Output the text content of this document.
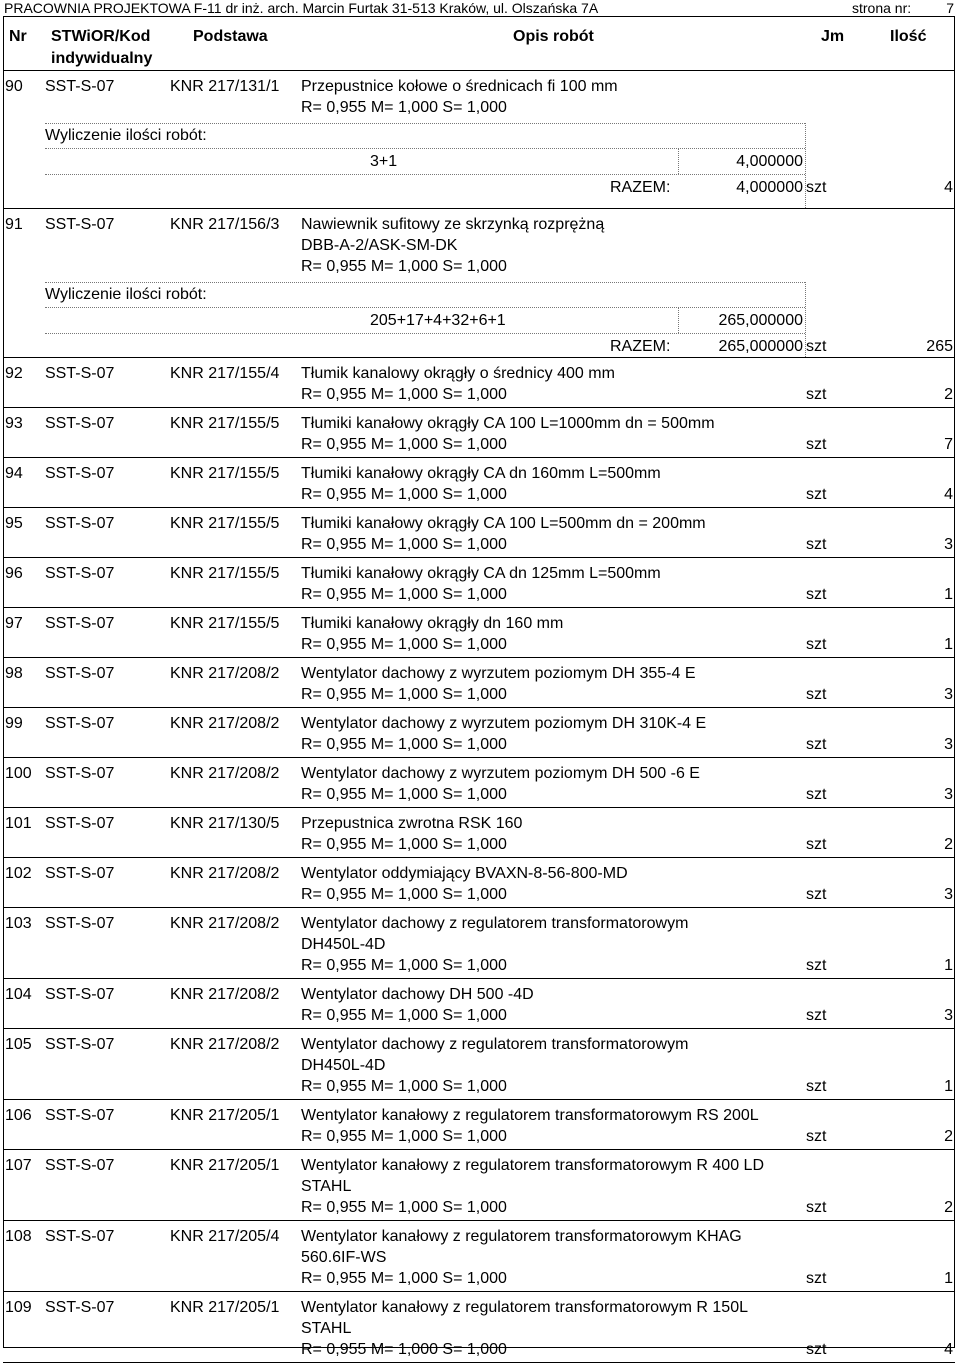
PRACOWNIA PROJEKTOWA F-11 dr inż. arch. Marcin Furtak 31-513 Kraków, ul. Olszańska 7A	strona nr:	7
Nr STWiOR/Kod
indywidualny
Podstawa	Opis robót	Jm	Ilość
90 SST-S-07	KNR 217/131/1 Przepustnice kołowe o średnicach fi 100 mm
R= 0,955 M= 1,000 S= 1,000
Wyliczenie ilości robót:
3+1	4,000000
RAZEM:	4,000000 szt	4
91 SST-S-07	KNR 217/156/3 Nawiewnik sufitowy ze skrzynką rozprężną
DBB-A-2/ASK-SM-DK
R= 0,955 M= 1,000 S= 1,000
Wyliczenie ilości robót:
205+17+4+32+6+1	265,000000
RAZEM:	265,000000 szt	265
92 SST-S-07	KNR 217/155/4 Tłumik kanalowy okrągły o średnicy 400 mm
R= 0,955 M= 1,000 S= 1,000	szt	2
93 SST-S-07	KNR 217/155/5 Tłumiki kanałowy okrągły CA 100 L=1000mm dn = 500mm
R= 0,955 M= 1,000 S= 1,000	szt	7
94 SST-S-07	KNR 217/155/5 Tłumiki kanałowy okrągły CA dn 160mm L=500mm
R= 0,955 M= 1,000 S= 1,000	szt	4
95 SST-S-07	KNR 217/155/5 Tłumiki kanałowy okrągły CA 100 L=500mm dn = 200mm
R= 0,955 M= 1,000 S= 1,000	szt	3
96 SST-S-07	KNR 217/155/5 Tłumiki kanałowy okrągły CA dn 125mm L=500mm
R= 0,955 M= 1,000 S= 1,000	szt	1
97 SST-S-07	KNR 217/155/5 Tłumiki kanałowy okrągły dn 160 mm
R= 0,955 M= 1,000 S= 1,000	szt	1
98 SST-S-07	KNR 217/208/2 Wentylator dachowy z wyrzutem poziomym DH 355-4 E
R= 0,955 M= 1,000 S= 1,000	szt	3
99 SST-S-07	KNR 217/208/2 Wentylator dachowy z wyrzutem poziomym DH 310K-4 E
R= 0,955 M= 1,000 S= 1,000	szt	3
100 SST-S-07	KNR 217/208/2 Wentylator dachowy z wyrzutem poziomym DH 500 -6 E
R= 0,955 M= 1,000 S= 1,000	szt	3
101 SST-S-07	KNR 217/130/5 Przepustnica zwrotna RSK 160
R= 0,955 M= 1,000 S= 1,000	szt	2
102 SST-S-07	KNR 217/208/2 Wentylator oddymiający BVAXN-8-56-800-MD
R= 0,955 M= 1,000 S= 1,000	szt	3
103 SST-S-07	KNR 217/208/2 Wentylator dachowy z regulatorem transformatorowym
DH450L-4D
R= 0,955 M= 1,000 S= 1,000	szt	1
104 SST-S-07	KNR 217/208/2 Wentylator dachowy DH 500 -4D
R= 0,955 M= 1,000 S= 1,000	szt	3
105 SST-S-07	KNR 217/208/2 Wentylator dachowy z regulatorem transformatorowym
DH450L-4D
R= 0,955 M= 1,000 S= 1,000	szt	1
106 SST-S-07	KNR 217/205/1 Wentylator kanałowy z regulatorem transformatorowym RS 200L
R= 0,955 M= 1,000 S= 1,000	szt	2
107 SST-S-07	KNR 217/205/1 Wentylator kanałowy z regulatorem transformatorowym R 400 LD
STAHL
R= 0,955 M= 1,000 S= 1,000	szt	2
108 SST-S-07	KNR 217/205/4 Wentylator kanałowy z regulatorem transformatorowym KHAG
560.6IF-WS
R= 0,955 M= 1,000 S= 1,000	szt	1
109 SST-S-07	KNR 217/205/1 Wentylator kanałowy z regulatorem transformatorowym R 150L
STAHL
R= 0,955 M= 1,000 S= 1,000	szt	4
